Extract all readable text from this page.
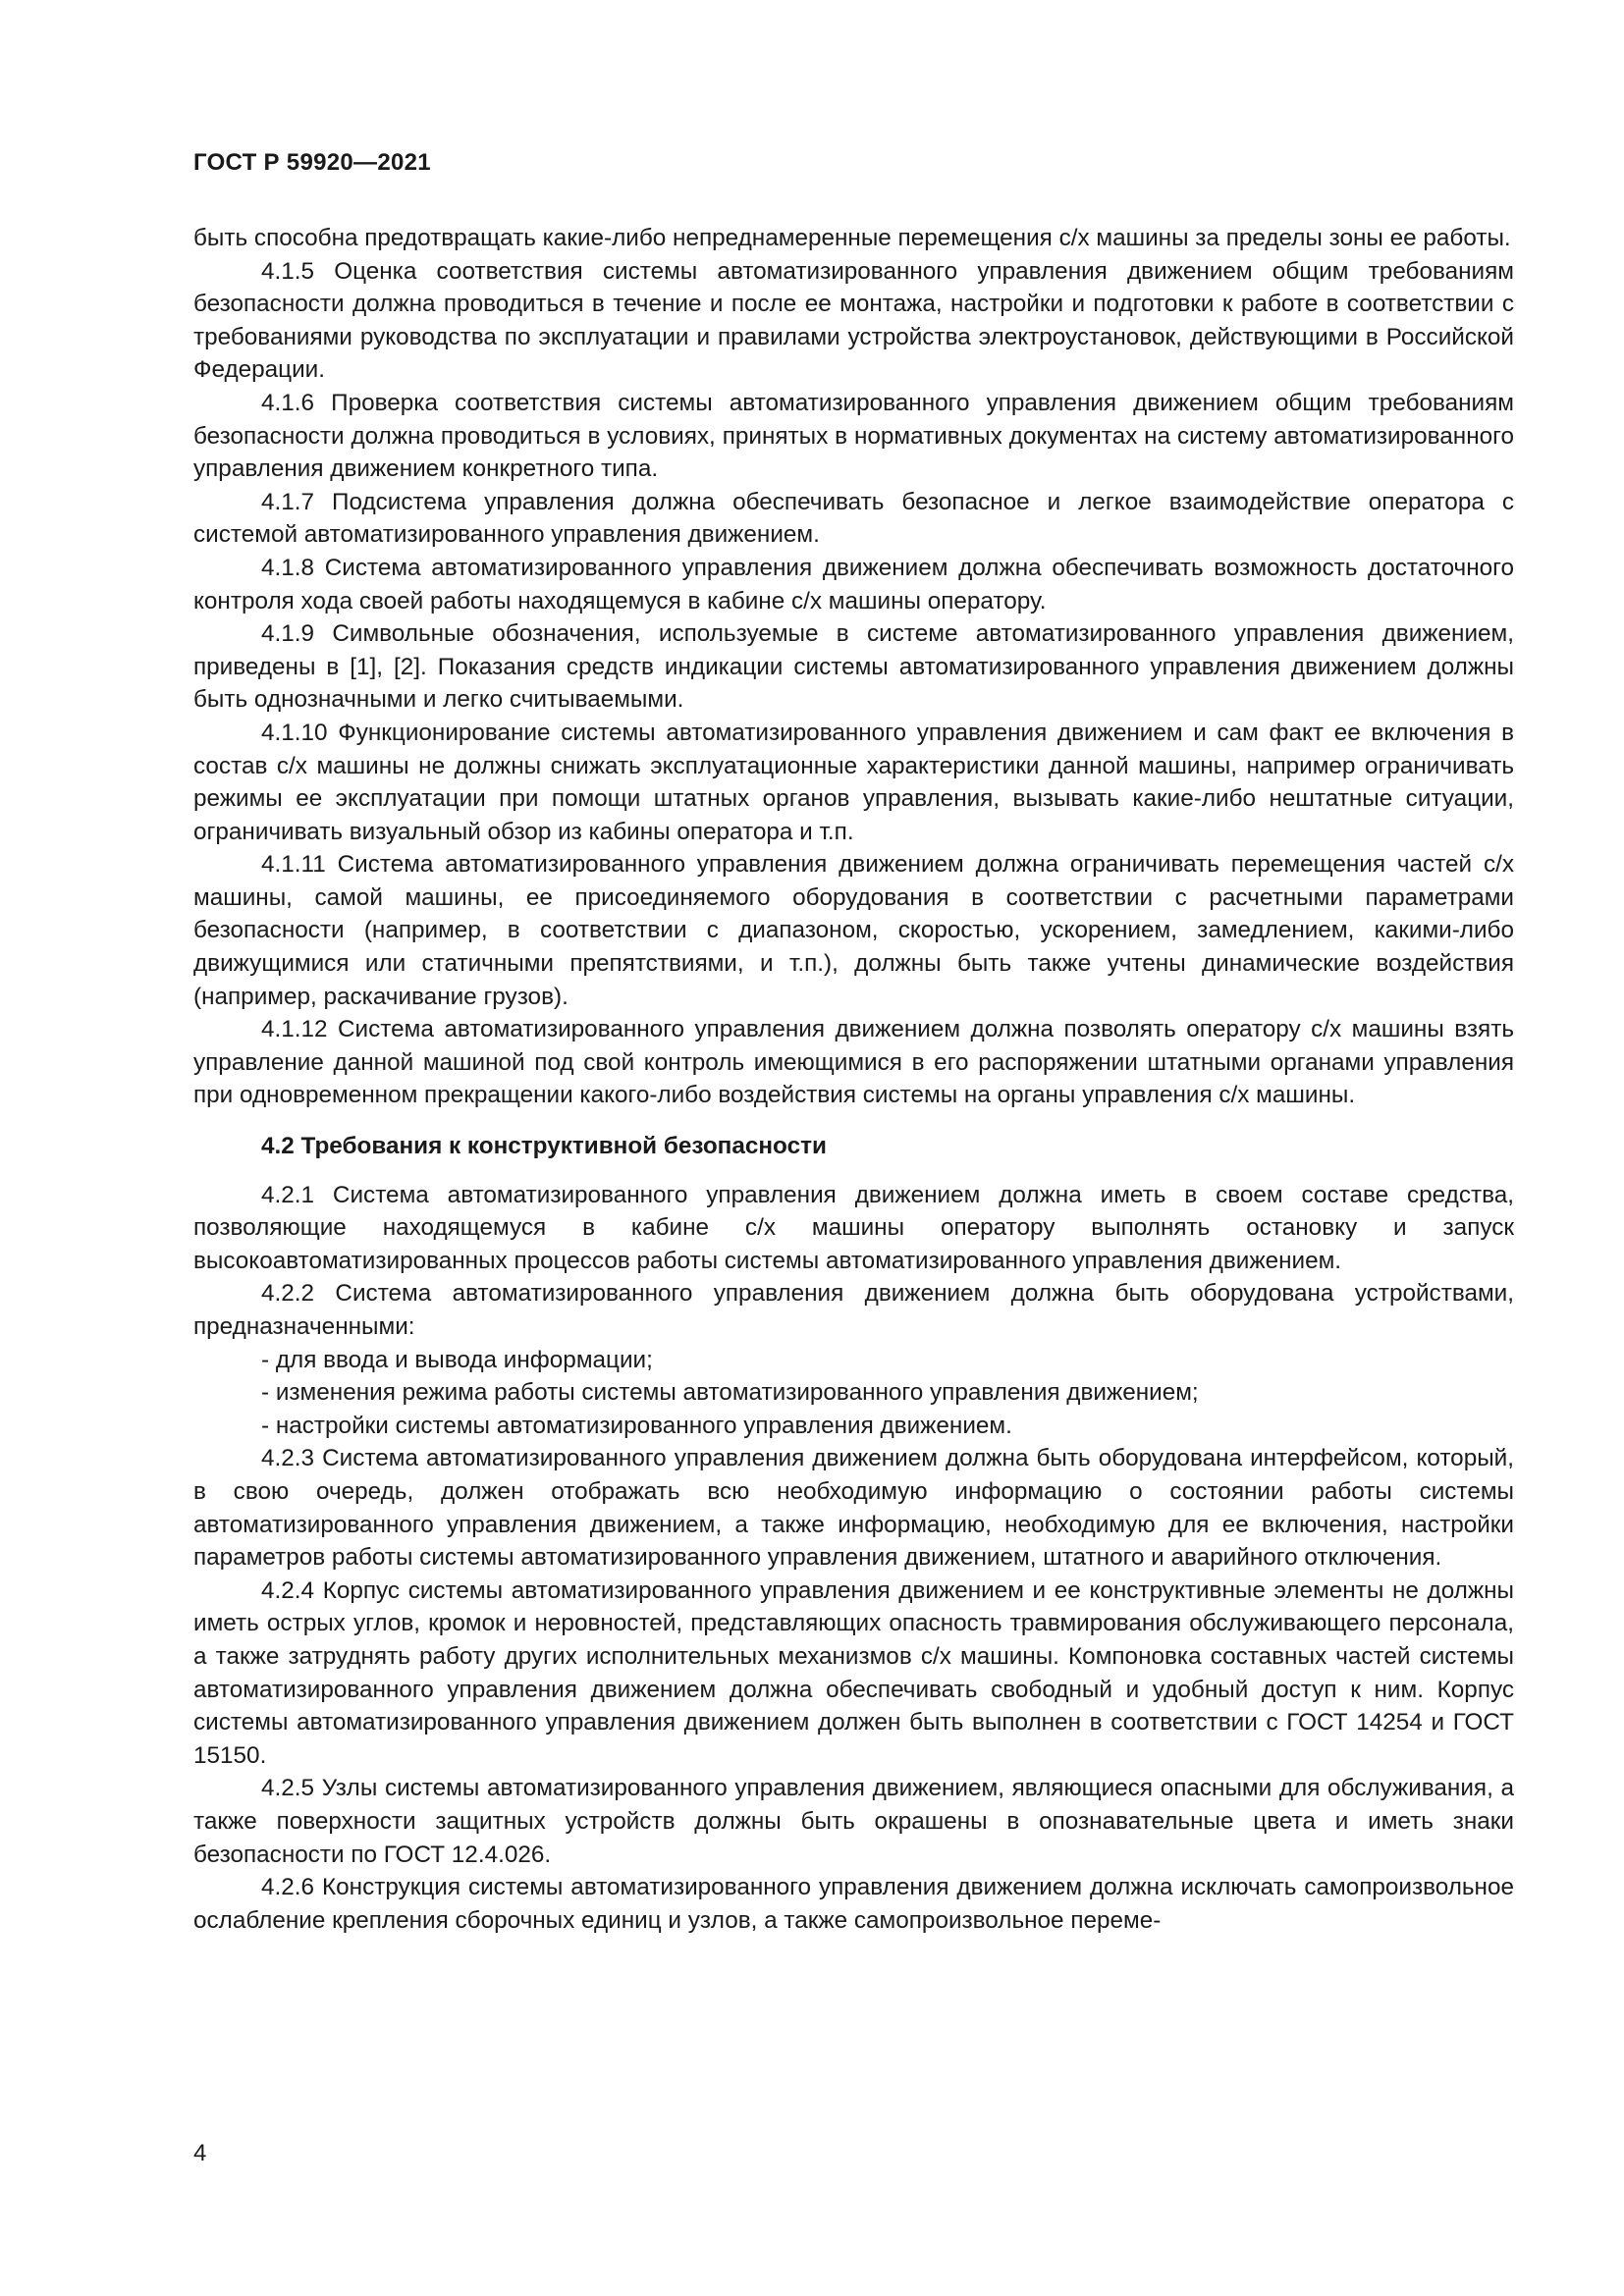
ГОСТ Р 59920—2021

быть способна предотвращать какие-либо непреднамеренные перемещения с/х машины за пределы зоны ее работы.

4.1.5 Оценка соответствия системы автоматизированного управления движением общим требованиям безопасности должна проводиться в течение и после ее монтажа, настройки и подготовки к работе в соответствии с требованиями руководства по эксплуатации и правилами устройства электроустановок, действующими в Российской Федерации.

4.1.6 Проверка соответствия системы автоматизированного управления движением общим требованиям безопасности должна проводиться в условиях, принятых в нормативных документах на систему автоматизированного управления движением конкретного типа.

4.1.7 Подсистема управления должна обеспечивать безопасное и легкое взаимодействие оператора с системой автоматизированного управления движением.

4.1.8 Система автоматизированного управления движением должна обеспечивать возможность достаточного контроля хода своей работы находящемуся в кабине с/х машины оператору.

4.1.9 Символьные обозначения, используемые в системе автоматизированного управления движением, приведены в [1], [2]. Показания средств индикации системы автоматизированного управления движением должны быть однозначными и легко считываемыми.

4.1.10 Функционирование системы автоматизированного управления движением и сам факт ее включения в состав с/х машины не должны снижать эксплуатационные характеристики данной машины, например ограничивать режимы ее эксплуатации при помощи штатных органов управления, вызывать какие-либо нештатные ситуации, ограничивать визуальный обзор из кабины оператора и т.п.

4.1.11 Система автоматизированного управления движением должна ограничивать перемещения частей с/х машины, самой машины, ее присоединяемого оборудования в соответствии с расчетными параметрами безопасности (например, в соответствии с диапазоном, скоростью, ускорением, замедлением, какими-либо движущимися или статичными препятствиями, и т.п.), должны быть также учтены динамические воздействия (например, раскачивание грузов).

4.1.12 Система автоматизированного управления движением должна позволять оператору с/х машины взять управление данной машиной под свой контроль имеющимися в его распоряжении штатными органами управления при одновременном прекращении какого-либо воздействия системы на органы управления с/х машины.

4.2 Требования к конструктивной безопасности

4.2.1 Система автоматизированного управления движением должна иметь в своем составе средства, позволяющие находящемуся в кабине с/х машины оператору выполнять остановку и запуск высокоавтоматизированных процессов работы системы автоматизированного управления движением.

4.2.2 Система автоматизированного управления движением должна быть оборудована устройствами, предназначенными:

- для ввода и вывода информации;

- изменения режима работы системы автоматизированного управления движением;

- настройки системы автоматизированного управления движением.

4.2.3 Система автоматизированного управления движением должна быть оборудована интерфейсом, который, в свою очередь, должен отображать всю необходимую информацию о состоянии работы системы автоматизированного управления движением, а также информацию, необходимую для ее включения, настройки параметров работы системы автоматизированного управления движением, штатного и аварийного отключения.

4.2.4 Корпус системы автоматизированного управления движением и ее конструктивные элементы не должны иметь острых углов, кромок и неровностей, представляющих опасность травмирования обслуживающего персонала, а также затруднять работу других исполнительных механизмов с/х машины. Компоновка составных частей системы автоматизированного управления движением должна обеспечивать свободный и удобный доступ к ним. Корпус системы автоматизированного управления движением должен быть выполнен в соответствии с ГОСТ 14254 и ГОСТ 15150.

4.2.5 Узлы системы автоматизированного управления движением, являющиеся опасными для обслуживания, а также поверхности защитных устройств должны быть окрашены в опознавательные цвета и иметь знаки безопасности по ГОСТ 12.4.026.

4.2.6 Конструкция системы автоматизированного управления движением должна исключать самопроизвольное ослабление крепления сборочных единиц и узлов, а также самопроизвольное переме-

4
